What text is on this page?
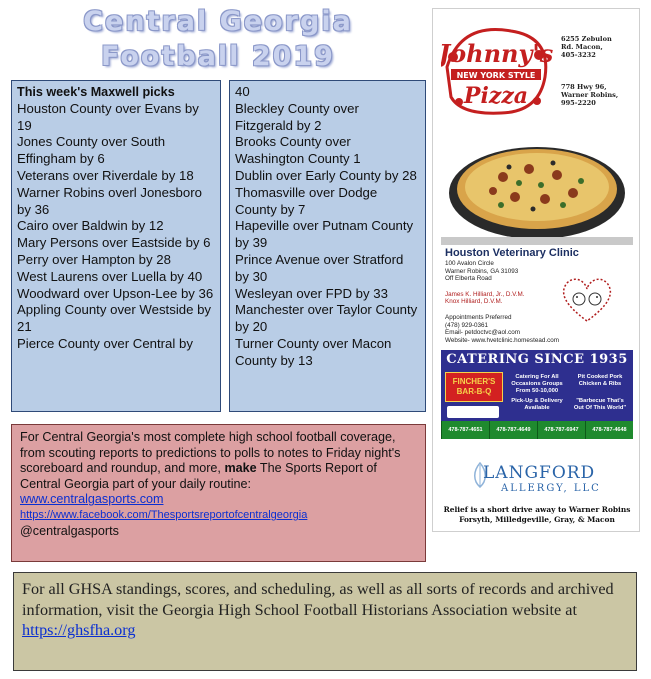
Central Georgia
Football 2019
This week's Maxwell picks
Houston County over Evans by 19
Jones County over South Effingham by 6
Veterans over Riverdale by 18
Warner Robins overl Jonesboro by 36
Cairo over Baldwin by 12
Mary Persons over Eastside by 6
Perry over Hampton by 28
West Laurens over Luella by 40
Woodward over Upson-Lee by 36
Appling County over Westside by 21
Pierce County over Central by
40
Bleckley County over Fitzgerald by 2
Brooks County over Washington County 1
Dublin over Early County by 28
Thomasville over Dodge County by 7
Hapeville over Putnam County by 39
Prince Avenue over Stratford by 30
Wesleyan over FPD by 33
Manchester over Taylor County by 20
Turner County over Macon County by 13
For Central Georgia's most complete high school football coverage, from scouting reports to predictions to polls to notes to Friday night's scoreboard and roundup, and more, make The Sports Report of Central Georgia part of your daily routine:
www.centralgasports.com
https://www.facebook.com/Thesportsreportofcentralgeorgia
@centralgasports
Johnny's
NEW YORK STYLE
Pizza
6255 Zebulon
Rd. Macon,
405-3232
778 Hwy 96,
Warner Robins,
995-2220
Houston Veterinary Clinic
100 Avalon Circle
Warner Robins, GA 31093
Off Elberta Road
James K. Hilliard, Jr., D.V.M.
Knox Hilliard, D.V.M.
Appointments Preferred
(478) 929-0361
Email- petdoctvc@aol.com
Website- www.hvetclinic.homestead.com
CATERING SINCE 1935
FINCHER'S BAR-B-Q
Catering For All Occasions Groups From 50-10,000
Pit Cooked Pork Chicken & Ribs
Pick-Up & Delivery Available
"Barbecue That's Out Of This World"
478-787-4651	478-787-4649	478-787-6947	478-787-4648
LANGFORD
ALLERGY, LLC
Relief is a short drive away to Warner Robins
Forsyth, Milledgeville, Gray, & Macon
For all GHSA standings, scores, and scheduling, as well as all sorts of records and archived information, visit the Georgia High School Football Historians Association website at
https://ghsfha.org
